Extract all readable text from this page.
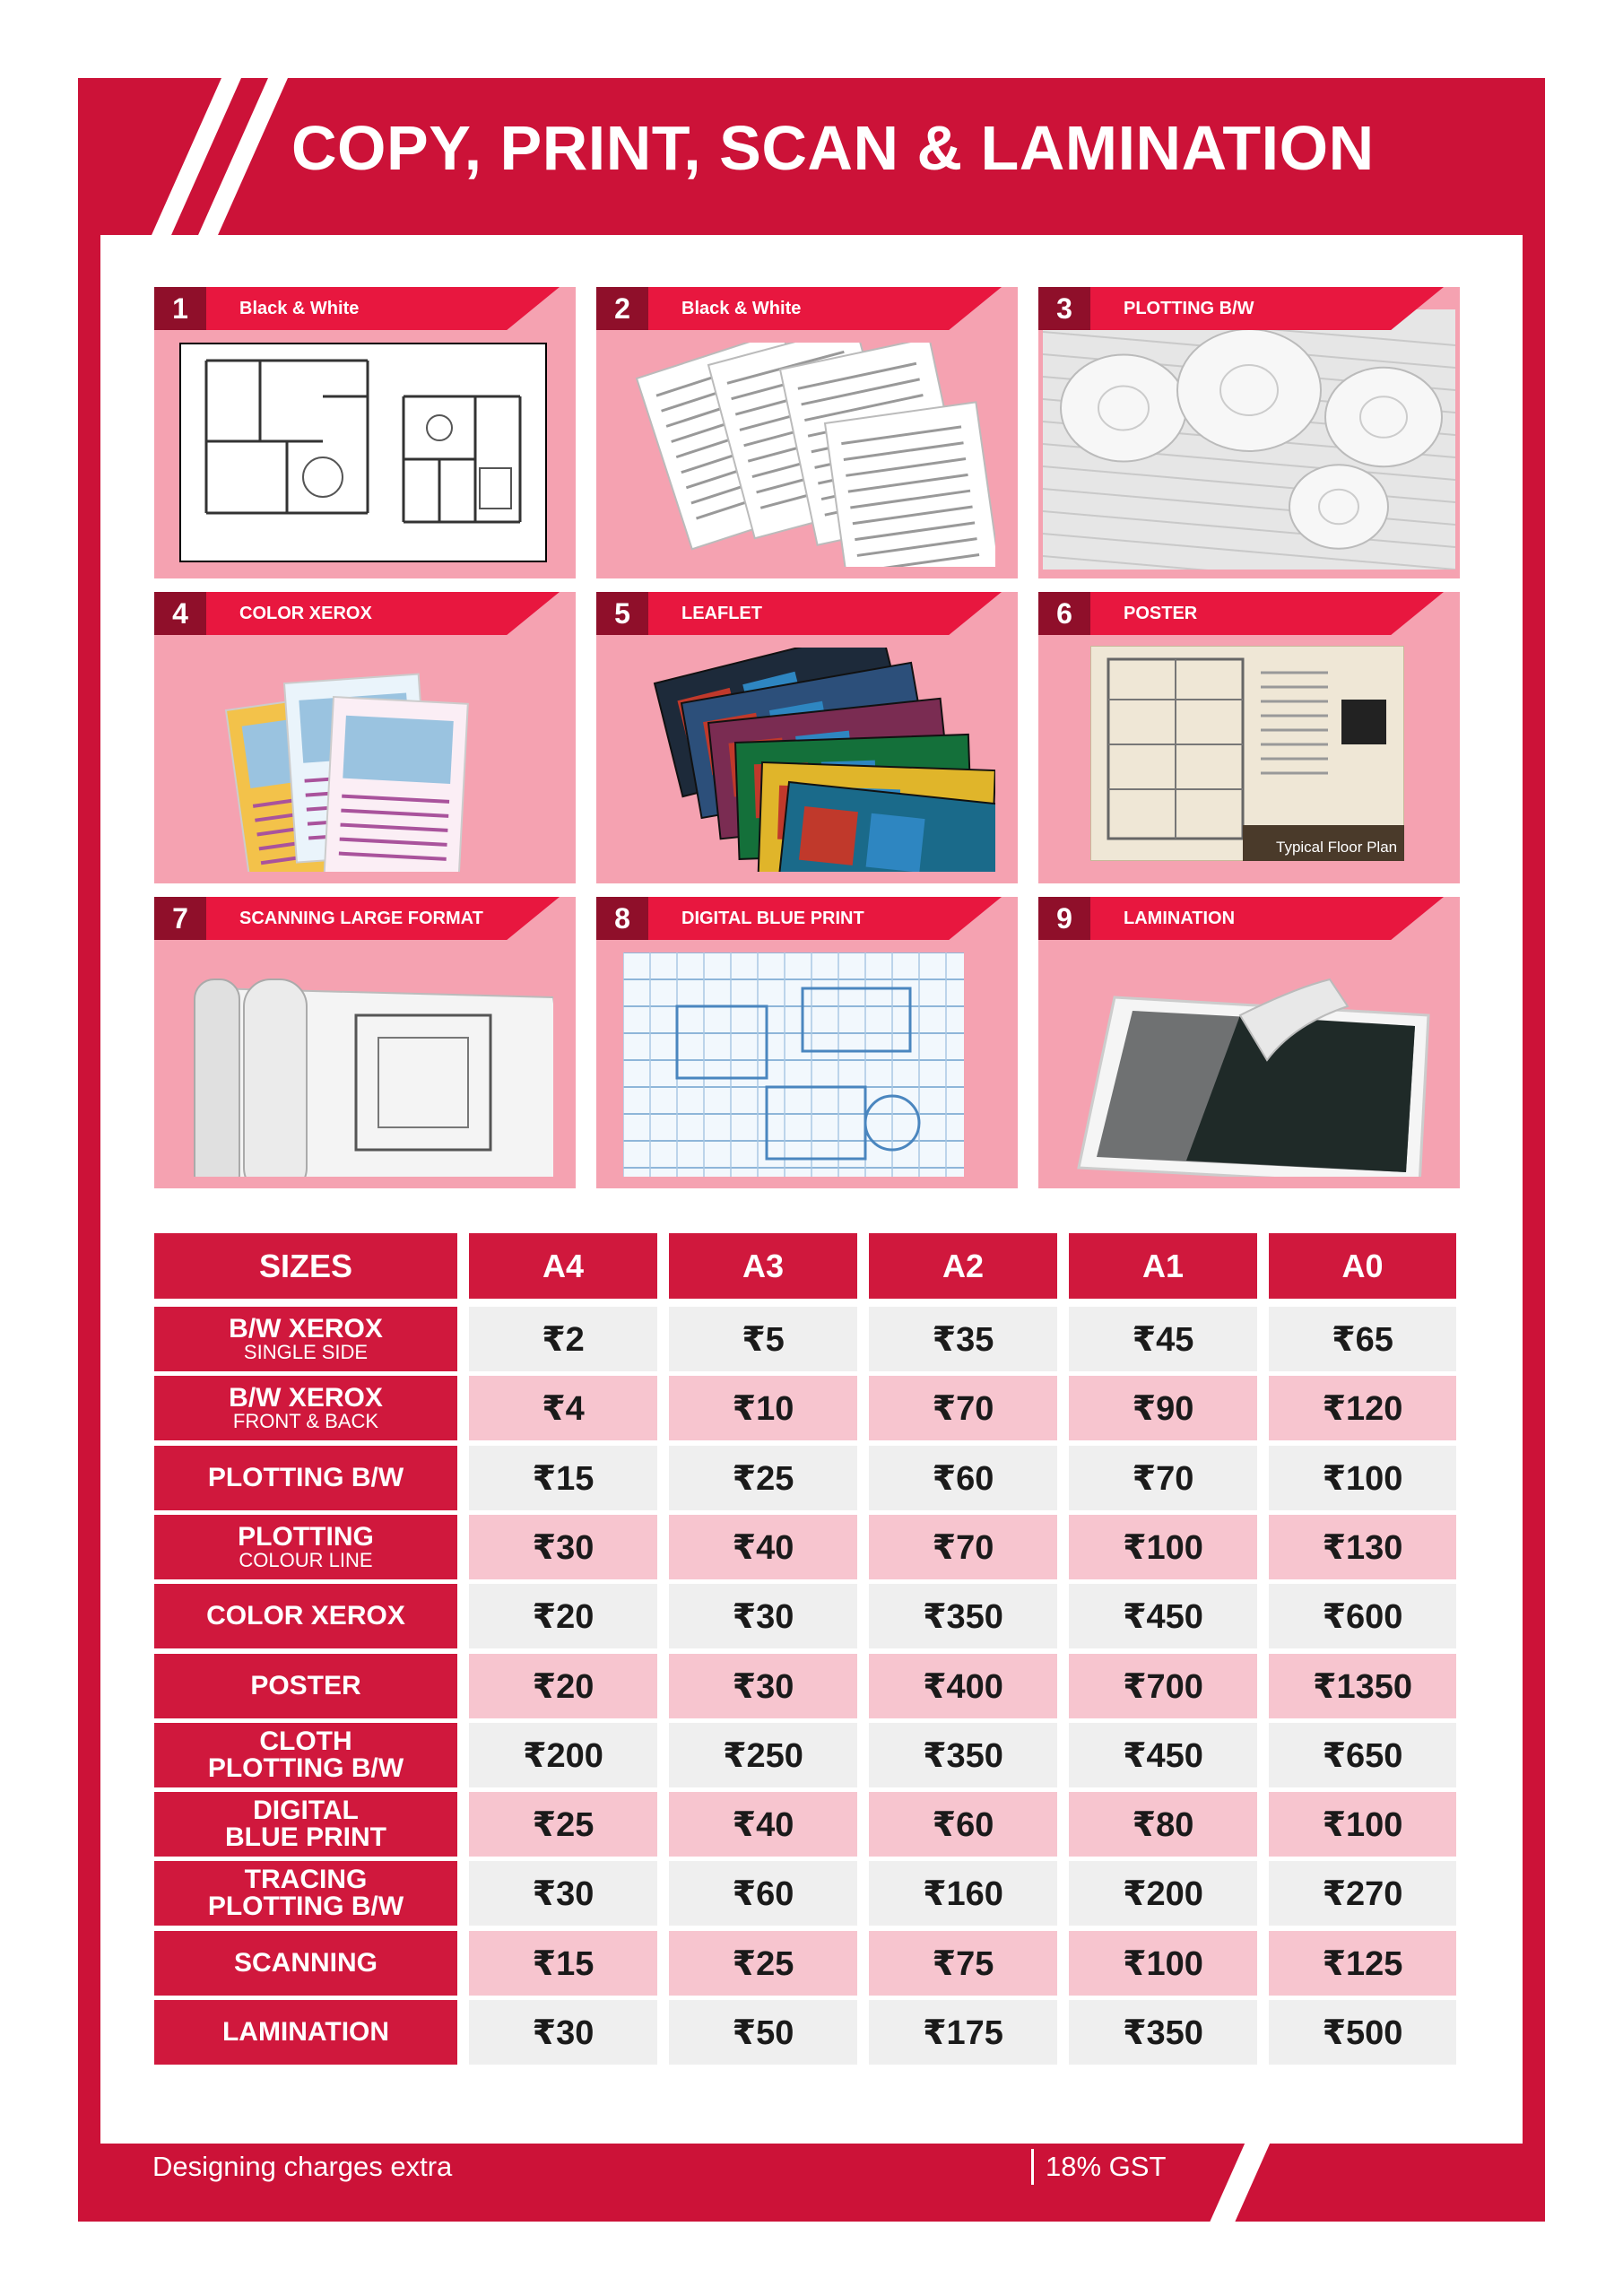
COPY, PRINT, SCAN & LAMINATION
1	Black & White	2	Black & White	3	PLOTTING B/W
4	COLOR XEROX	5	LEAFLET
Typical Floor Plan
6	POSTER
7	SCANNING LARGE FORMAT	8	DIGITAL BLUE PRINT	9	LAMINATION
SIZES	A4	A3	A2	A1	A0
B/W XEROX
SINGLE SIDE	₹2	₹5	₹35	₹45	₹65
B/W XEROX
FRONT & BACK	₹4	₹10	₹70	₹90	₹120
PLOTTING B/W	₹15	₹25	₹60	₹70	₹100
PLOTTING
COLOUR LINE	₹30	₹40	₹70	₹100	₹130
COLOR XEROX	₹20	₹30	₹350	₹450	₹600
POSTER	₹20	₹30	₹400	₹700	₹1350
CLOTH
PLOTTING B/W	₹200	₹250	₹350	₹450	₹650
DIGITAL
BLUE PRINT	₹25	₹40	₹60	₹80	₹100
TRACING
PLOTTING B/W	₹30	₹60	₹160	₹200	₹270
SCANNING	₹15	₹25	₹75	₹100	₹125
LAMINATION	₹30	₹50	₹175	₹350	₹500
Designing charges extra	18% GST
